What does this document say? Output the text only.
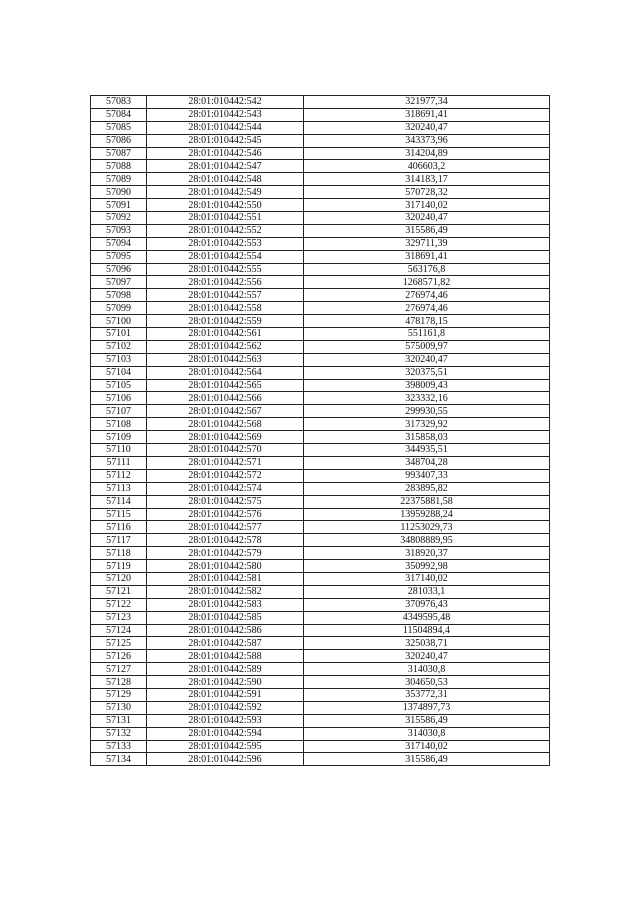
57083	28:01:010442:542	321977,34
57084	28:01:010442:543	318691,41
57085	28:01:010442:544	320240,47
57086	28:01:010442:545	343373,96
57087	28:01:010442:546	314204,89
57088	28:01:010442:547	406603,2
57089	28:01:010442:548	314183,17
57090	28:01:010442:549	570728,32
57091	28:01:010442:550	317140,02
57092	28:01:010442:551	320240,47
57093	28:01:010442:552	315586,49
57094	28:01:010442:553	329711,39
57095	28:01:010442:554	318691,41
57096	28:01:010442:555	563176,8
57097	28:01:010442:556	1268571,82
57098	28:01:010442:557	276974,46
57099	28:01:010442:558	276974,46
57100	28:01:010442:559	478178,15
57101	28:01:010442:561	551161,8
57102	28:01:010442:562	575009,97
57103	28:01:010442:563	320240,47
57104	28:01:010442:564	320375,51
57105	28:01:010442:565	398009,43
57106	28:01:010442:566	323332,16
57107	28:01:010442:567	299930,55
57108	28:01:010442:568	317329,92
57109	28:01:010442:569	315858,03
57110	28:01:010442:570	344935,51
57111	28:01:010442:571	348704,28
57112	28:01:010442:572	993407,33
57113	28:01:010442:574	283895,82
57114	28:01:010442:575	22375881,58
57115	28:01:010442:576	13959288,24
57116	28:01:010442:577	11253029,73
57117	28:01:010442:578	34808889,95
57118	28:01:010442:579	318920,37
57119	28:01:010442:580	350992,98
57120	28:01:010442:581	317140,02
57121	28:01:010442:582	281033,1
57122	28:01:010442:583	370976,43
57123	28:01:010442:585	4349595,48
57124	28:01:010442:586	11504894,4
57125	28:01:010442:587	325038,71
57126	28:01:010442:588	320240,47
57127	28:01:010442:589	314030,8
57128	28:01:010442:590	304650,53
57129	28:01:010442:591	353772,31
57130	28:01:010442:592	1374897,73
57131	28:01:010442:593	315586,49
57132	28:01:010442:594	314030,8
57133	28:01:010442:595	317140,02
57134	28:01:010442:596	315586,49
